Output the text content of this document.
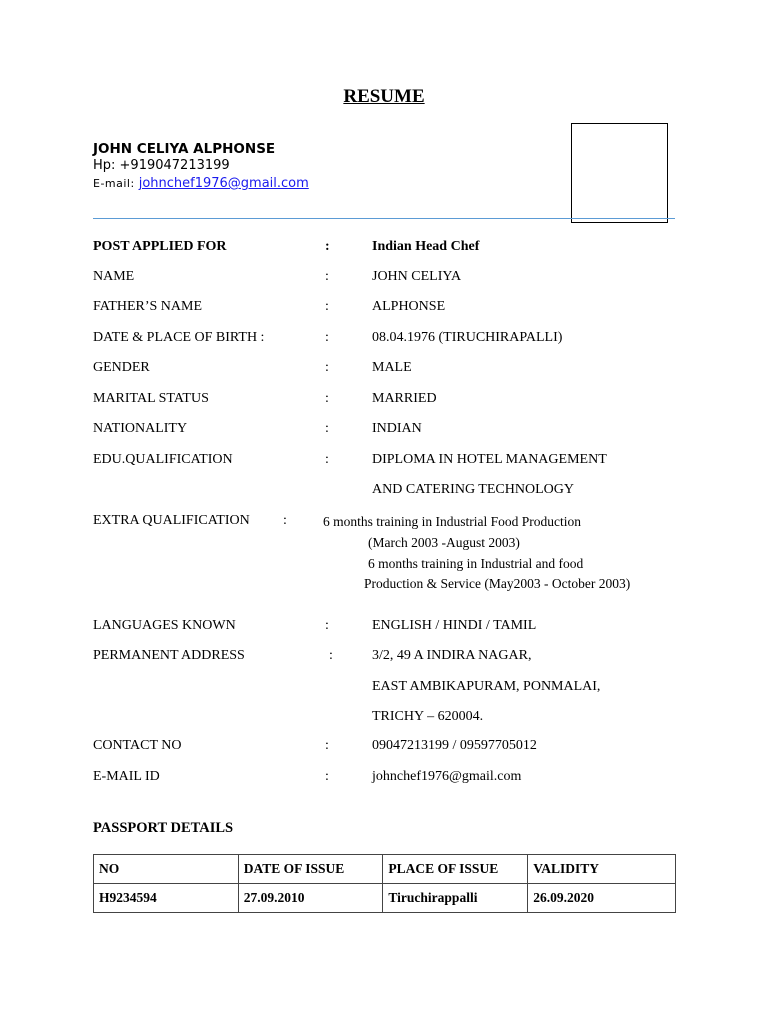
RESUME
JOHN CELIYA ALPHONSE
Hp: +919047213199
E-mail: johnchef1976@gmail.com
POST APPLIED FOR	:	Indian Head Chef
NAME	:	JOHN CELIYA
FATHER’S NAME	:	ALPHONSE
DATE & PLACE OF BIRTH :	:	08.04.1976 (TIRUCHIRAPALLI)
GENDER	:	MALE
MARITAL STATUS	:	MARRIED
NATIONALITY	:	INDIAN
EDU.QUALIFICATION	:	DIPLOMA IN HOTEL MANAGEMENT
AND CATERING TECHNOLOGY
EXTRA QUALIFICATION :	6 months training in Industrial Food Production
(March 2003 -August 2003)
6 months training in Industrial and food
Production & Service (May2003 - October 2003)
LANGUAGES KNOWN	:	ENGLISH / HINDI / TAMIL
PERMANENT ADDRESS	:	3/2, 49 A INDIRA NAGAR,
EAST AMBIKAPURAM, PONMALAI,
TRICHY – 620004.
CONTACT NO	:	09047213199 / 09597705012
E-MAIL ID	:	johnchef1976@gmail.com
PASSPORT DETAILS
NO	DATE OF ISSUE	PLACE OF ISSUE	VALIDITY
H9234594	27.09.2010	Tiruchirappalli	26.09.2020
